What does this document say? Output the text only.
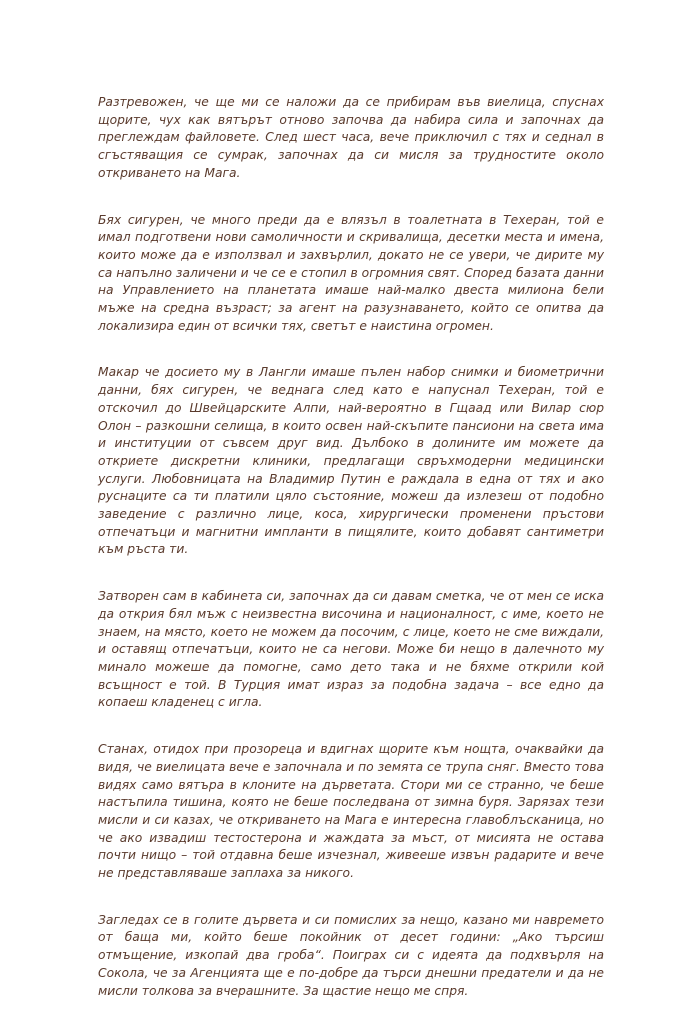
Разтревожен, че ще ми се наложи да се прибирам във виелица, спуснах щорите, чух как вятърът отново започва да набира сила и започнах да преглеждам файловете. След шест часа, вече приключил с тях и седнал в сгъстяващия се сумрак, започнах да си мисля за трудностите около откриването на Мага.

Бях сигурен, че много преди да е влязъл в тоалетната в Техеран, той е имал подготвени нови самоличности и скривалища, десетки места и имена, които може да е използвал и захвърлил, докато не се увери, че дирите му са напълно заличени и че се е стопил в огромния свят. Според базата данни на Управлението на планетата имаше най-малко двеста милиона бели мъже на средна възраст; за агент на разузнаването, който се опитва да локализира един от всички тях, светът е наистина огромен.

Макар че досието му в Лангли имаше пълен набор снимки и биометрични данни, бях сигурен, че веднага след като е напуснал Техеран, той е отскочил до Швейцарските Алпи, най-вероятно в Гщаад или Вилар сюр Олон – разкошни селища, в които освен най-скъпите пансиони на света има и институции от съвсем друг вид. Дълбоко в долините им можете да откриете дискретни клиники, предлагащи свръхмодерни медицински услуги. Любовницата на Владимир Путин е раждала в една от тях и ако руснаците са ти платили цяло състояние, можеш да излезеш от подобно заведение с различно лице, коса, хирургически променени пръстови отпечатъци и магнитни импланти в пищялите, които добавят сантиметри към ръста ти.

Затворен сам в кабинета си, започнах да си давам сметка, че от мен се иска да открия бял мъж с неизвестна височина и националност, с име, което не знаем, на място, което не можем да посочим, с лице, което не сме виждали, и оставящ отпечатъци, които не са негови. Може би нещо в далечното му минало можеше да помогне, само дето така и не бяхме открили кой всъщност е той. В Турция имат израз за подобна задача – все едно да копаеш кладенец с игла.

Станах, отидох при прозореца и вдигнах щорите към нощта, очаквайки да видя, че виелицата вече е започнала и по земята се трупа сняг. Вместо това видях само вятъра в клоните на дърветата. Стори ми се странно, че беше настъпила тишина, която не беше последвана от зимна буря. Зарязах тези мисли и си казах, че откриването на Мага е интересна главоблъсканица, но че ако извадиш тестостерона и жаждата за мъст, от мисията не остава почти нищо – той отдавна беше изчезнал, живееше извън радарите и вече не представляваше заплаха за никого.

Загледах се в голите дървета и си помислих за нещо, казано ми навремето от баща ми, който беше покойник от десет години: „Ако търсиш отмъщение, изкопай два гроба“. Поиграх си с идеята да подхвърля на Сокола, че за Агенцията ще е по-добре да търси днешни предатели и да не мисли толкова за вчерашните. За щастие нещо ме спря.
